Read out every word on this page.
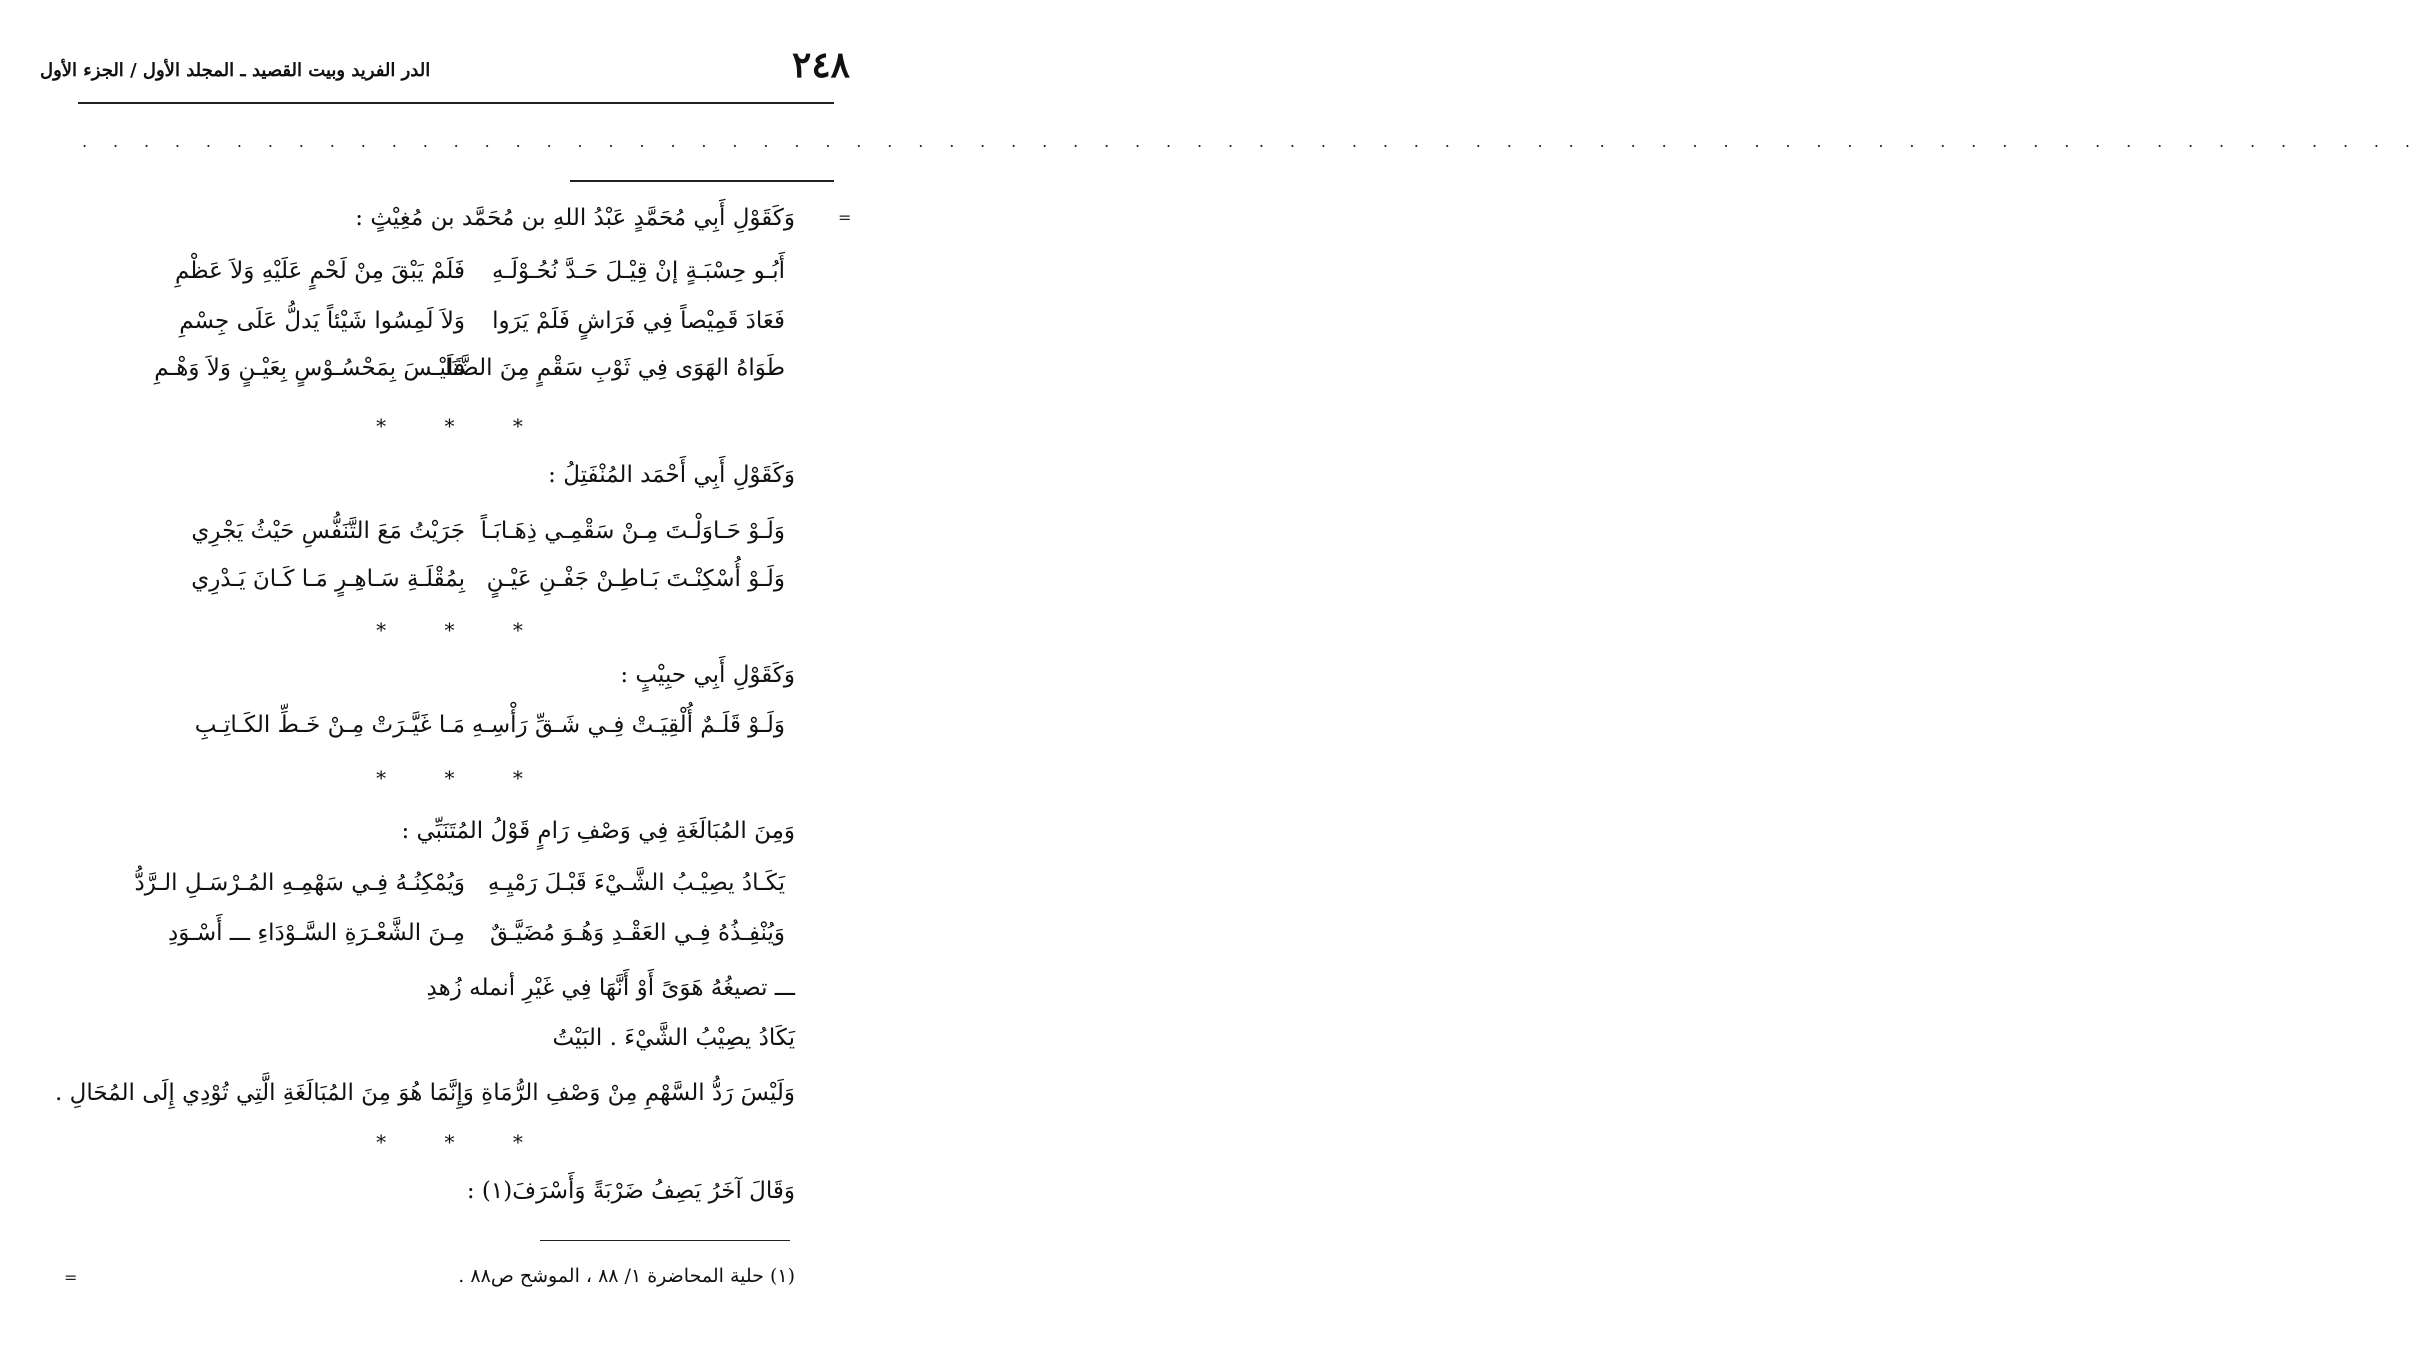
٢٤٨
الدر الفريد وبيت القصيد ـ المجلد الأول / الجزء الأول
. . . . . . . . . . . . . . . . . . . . . . . . . . . . . . . . . . . . . . . . . . . . . . . . . . . . . . . . . . . . . . . . . . . . . . . . . . . .
=
وَكَقَوْلِ أَبِي مُحَمَّدٍ عَبْدُ اللهِ بن مُحَمَّد بن مُغِيْثٍ :
أَبُـو حِسْبَـةٍ إنْ قِيْـلَ حَـدَّ نُحُـوْلَـهِ
فَلَمْ يَبْقَ مِنْ لَحْمٍ عَلَيْهِ وَلاَ عَظْمِ
فَعَادَ قَمِيْصاً فِي فَرَاشٍ فَلَمْ يَرَوا
وَلاَ لَمِسُوا شَيْئاً يَدلُّ عَلَى جِسْمِ
طَوَاهُ الهَوَى فِي ثَوْبِ سَقْمٍ مِنَ الضَّنَا
فَلَيْـسَ بِمَحْسُـوْسٍ بِعَيْـنٍ وَلاَ وَهْـمِ
* * *
وَكَقَوْلِ أَبِي أَحْمَد المُنْفَتِلُ :
وَلَـوْ حَـاوَلْـتَ مِـنْ سَقْمِـي ذِهَـابَـاً
جَرَيْتُ مَعَ التَّنَفُّسِ حَيْثُ يَجْرِي
وَلَـوْ أُسْكِنْـتَ بَـاطِـنْ جَفْـنِ عَيْـنٍ
بِمُقْلَـةِ سَـاهِـرٍ مَـا كَـانَ يَـدْرِي
* * *
وَكَقَوْلِ أَبِي حبِيْبٍ :
وَلَـوْ قَلَـمٌ أُلْقِيَـتْ فِـي شَـقِّ رَأْسِـهِ
مَـا غَيَّـرَتْ مِـنْ خَـطِّ الكَـاتِـبِ
* * *
وَمِنَ المُبَالَغَةِ فِي وَصْفِ رَامٍ قَوْلُ المُتَنَبِّي :
يَكَـادُ يصِيْـبُ الشَّـيْءَ قَبْـلَ رَمْيِـهِ
وَيُمْكِنُـهُ فِـي سَهْمِـهِ المُـرْسَـلِ الـرَّدُّ
وَيُنْفِـذُهُ فِـي العَقْـدِ وَهُـوَ مُضَيَّـقٌ
مِـنَ الشَّعْـرَةِ السَّـوْدَاءِ ـــ أَسْـوَدِ
ـــ تصيغُهُ هَوَىً أَوْ أَنَّهَا فِي غَيْرِ أنمله زُهدِ
يَكَادُ يصِيْبُ الشَّيْءَ . البَيْتُ
وَلَيْسَ رَدُّ السَّهْمِ مِنْ وَصْفِ الرُّمَاةِ وَإِنَّمَا هُوَ مِنَ المُبَالَغَةِ الَّتِي تُوْدِي إِلَى المُحَالِ .
* * *
وَقَالَ آخَرُ يَصِفُ ضَرْبَةً وَأَسْرَفَ(١) :
(١) حلية المحاضرة ١/ ٨٨ ، الموشح ص٨٨ .
=
